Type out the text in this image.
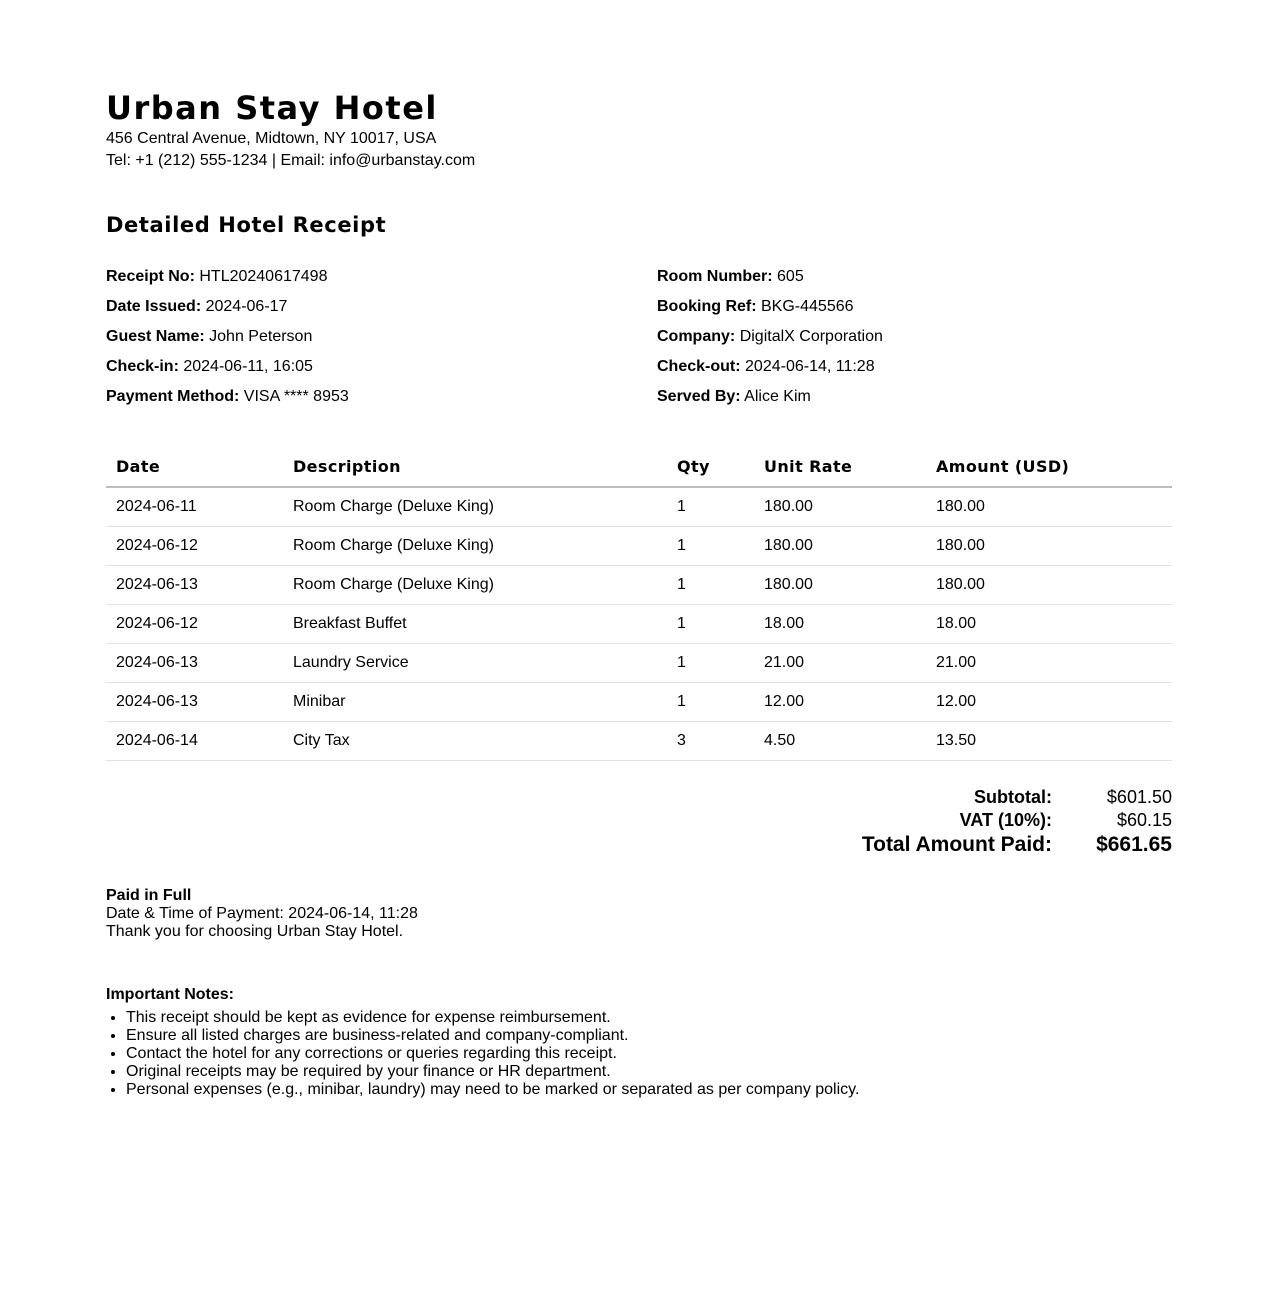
Urban Stay Hotel
456 Central Avenue, Midtown, NY 10017, USA
Tel: +1 (212) 555-1234 | Email: info@urbanstay.com
Detailed Hotel Receipt
Receipt No: HTL20240617498
Date Issued: 2024-06-17
Guest Name: John Peterson
Check-in: 2024-06-11, 16:05
Payment Method: VISA **** 8953
Room Number: 605
Booking Ref: BKG-445566
Company: DigitalX Corporation
Check-out: 2024-06-14, 11:28
Served By: Alice Kim
Date	Description	Qty	Unit Rate	Amount (USD)
2024-06-11	Room Charge (Deluxe King)	1	180.00	180.00
2024-06-12	Room Charge (Deluxe King)	1	180.00	180.00
2024-06-13	Room Charge (Deluxe King)	1	180.00	180.00
2024-06-12	Breakfast Buffet	1	18.00	18.00
2024-06-13	Laundry Service	1	21.00	21.00
2024-06-13	Minibar	1	12.00	12.00
2024-06-14	City Tax	3	4.50	13.50
Subtotal:	$601.50
VAT (10%):	$60.15
Total Amount Paid:	$661.65
Paid in Full
Date & Time of Payment: 2024-06-14, 11:28
Thank you for choosing Urban Stay Hotel.
Important Notes:
• This receipt should be kept as evidence for expense reimbursement.
• Ensure all listed charges are business-related and company-compliant.
• Contact the hotel for any corrections or queries regarding this receipt.
• Original receipts may be required by your finance or HR department.
• Personal expenses (e.g., minibar, laundry) may need to be marked or separated as per company policy.
